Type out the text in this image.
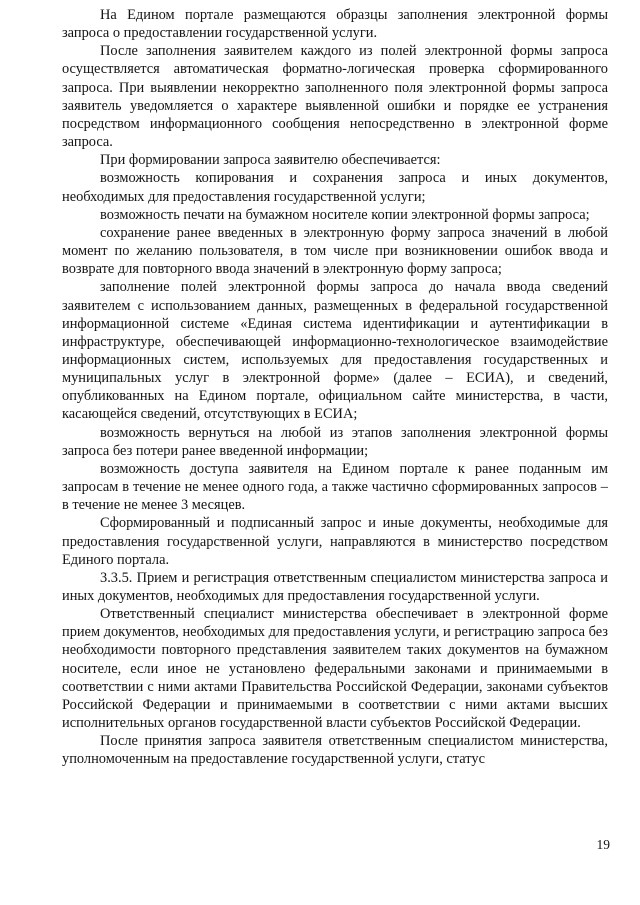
На Едином портале размещаются образцы заполнения электронной формы запроса о предоставлении государственной услуги.

После заполнения заявителем каждого из полей электронной формы запроса осуществляется автоматическая форматно-логическая проверка сформированного запроса. При выявлении некорректно заполненного поля электронной формы запроса заявитель уведомляется о характере выявленной ошибки и порядке ее устранения посредством информационного сообщения непосредственно в электронной форме запроса.

При формировании запроса заявителю обеспечивается:

возможность копирования и сохранения запроса и иных документов, необходимых для предоставления государственной услуги;

возможность печати на бумажном носителе копии электронной формы запроса;

сохранение ранее введенных в электронную форму запроса значений в любой момент по желанию пользователя, в том числе при возникновении ошибок ввода и возврате для повторного ввода значений в электронную форму запроса;

заполнение полей электронной формы запроса до начала ввода сведений заявителем с использованием данных, размещенных в федеральной государственной информационной системе «Единая система идентификации и аутентификации в инфраструктуре, обеспечивающей информационно-технологическое взаимодействие информационных систем, используемых для предоставления государственных и муниципальных услуг в электронной форме» (далее – ЕСИА), и сведений, опубликованных на Едином портале, официальном сайте министерства, в части, касающейся сведений, отсутствующих в ЕСИА;

возможность вернуться на любой из этапов заполнения электронной формы запроса без потери ранее введенной информации;

возможность доступа заявителя на Едином портале к ранее поданным им запросам в течение не менее одного года, а также частично сформированных запросов – в течение не менее 3 месяцев.

Сформированный и подписанный запрос и иные документы, необходимые для предоставления государственной услуги, направляются в министерство посредством Единого портала.

3.3.5. Прием и регистрация ответственным специалистом министерства запроса и иных документов, необходимых для предоставления государственной услуги.

Ответственный специалист министерства обеспечивает в электронной форме прием документов, необходимых для предоставления услуги, и регистрацию запроса без необходимости повторного представления заявителем таких документов на бумажном носителе, если иное не установлено федеральными законами и принимаемыми в соответствии с ними актами Правительства Российской Федерации, законами субъектов Российской Федерации и принимаемыми в соответствии с ними актами высших исполнительных органов государственной власти субъектов Российской Федерации.

После принятия запроса заявителя ответственным специалистом министерства, уполномоченным на предоставление государственной услуги, статус

19
